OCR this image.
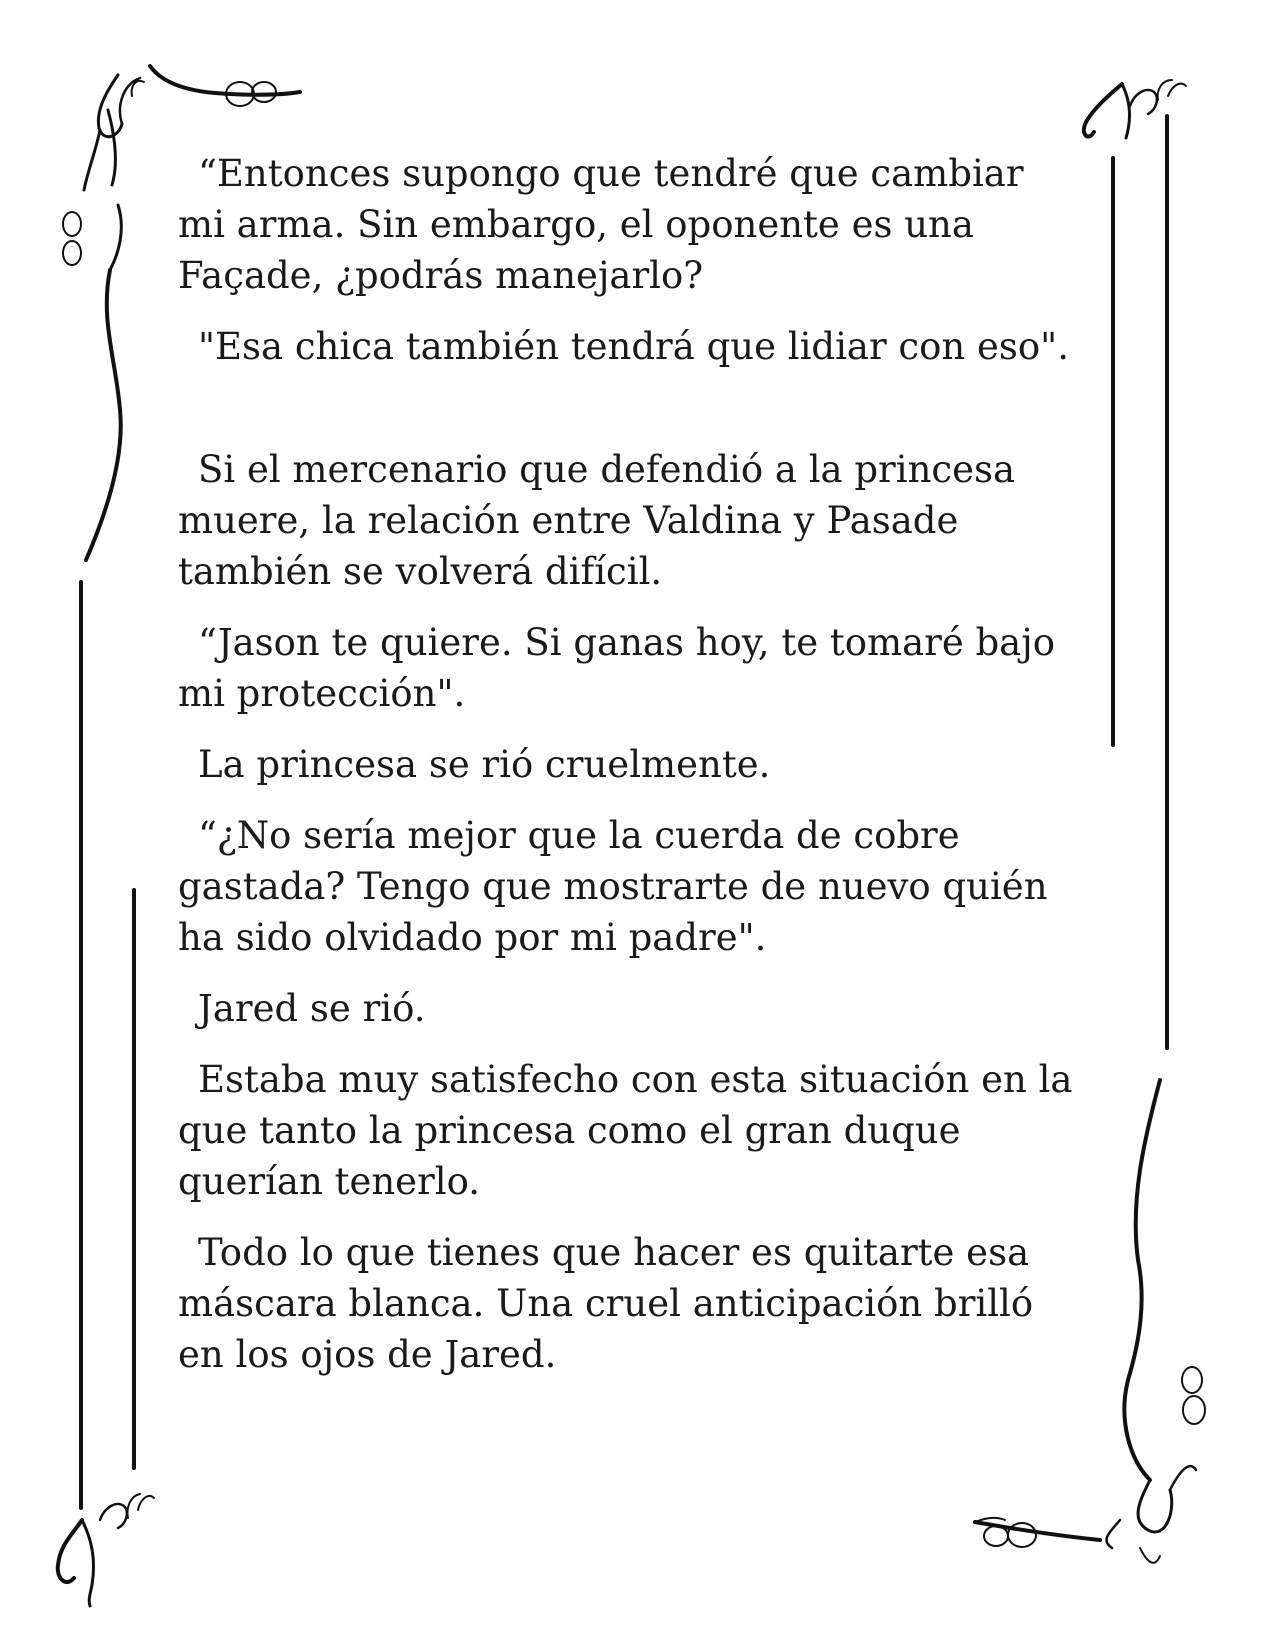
“Entonces supongo que tendré que cambiar
mi arma. Sin embargo, el oponente es una
Façade, ¿podrás manejarlo?

"Esa chica también tendrá que lidiar con eso".

Si el mercenario que defendió a la princesa
muere, la relación entre Valdina y Pasade
también se volverá difícil.

“Jason te quiere. Si ganas hoy, te tomaré bajo
mi protección".

La princesa se rió cruelmente.

“¿No sería mejor que la cuerda de cobre
gastada? Tengo que mostrarte de nuevo quién
ha sido olvidado por mi padre".

Jared se rió.

Estaba muy satisfecho con esta situación en la
que tanto la princesa como el gran duque
querían tenerlo.

Todo lo que tienes que hacer es quitarte esa
máscara blanca. Una cruel anticipación brilló
en los ojos de Jared.
